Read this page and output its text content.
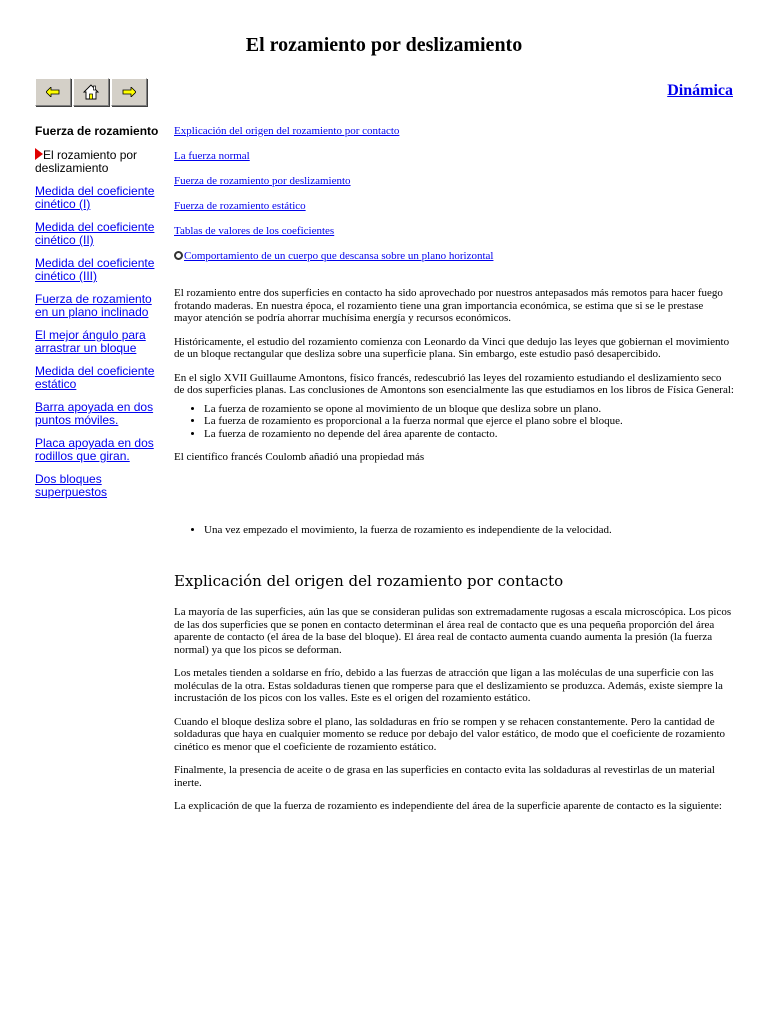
El rozamiento por deslizamiento
Dinámica
Fuerza de rozamiento
El rozamiento por deslizamiento
Medida del coeficiente cinético (I)
Medida del coeficiente cinético (II)
Medida del coeficiente cinético (III)
Fuerza de rozamiento en un plano inclinado
El mejor ángulo para arrastrar un bloque
Medida del coeficiente estático
Barra apoyada en dos puntos móviles.
Placa apoyada en dos rodillos que giran.
Dos bloques superpuestos
Explicación del origen del rozamiento por contacto
La fuerza normal
Fuerza de rozamiento por deslizamiento
Fuerza de rozamiento estático
Tablas de valores de los coeficientes
Comportamiento de un cuerpo que descansa sobre un plano horizontal

El rozamiento entre dos superficies en contacto ha sido aprovechado por nuestros antepasados más remotos para hacer fuego frotando maderas. En nuestra época, el rozamiento tiene una gran importancia económica, se estima que si se le prestase mayor atención se podría ahorrar muchísima energía y recursos económicos.

Históricamente, el estudio del rozamiento comienza con Leonardo da Vinci que dedujo las leyes que gobiernan el movimiento de un bloque rectangular que desliza sobre una superficie plana. Sin embargo, este estudio pasó desapercibido.

En el siglo XVII Guillaume Amontons, físico francés, redescubrió las leyes del rozamiento estudiando el deslizamiento seco de dos superficies planas. Las conclusiones de Amontons son esencialmente las que estudiamos en los libros de Física General:

• La fuerza de rozamiento se opone al movimiento de un bloque que desliza sobre un plano.
• La fuerza de rozamiento es proporcional a la fuerza normal que ejerce el plano sobre el bloque.
• La fuerza de rozamiento no depende del área aparente de contacto.

El científico francés Coulomb añadió una propiedad más

• Una vez empezado el movimiento, la fuerza de rozamiento es independiente de la velocidad.
Explicación del origen del rozamiento por contacto

La mayoría de las superficies, aún las que se consideran pulidas son extremadamente rugosas a escala microscópica. Los picos de las dos superficies que se ponen en contacto determinan el área real de contacto que es una pequeña proporción del área aparente de contacto (el área de la base del bloque). El área real de contacto aumenta cuando aumenta la presión (la fuerza normal) ya que los picos se deforman.

Los metales tienden a soldarse en frío, debido a las fuerzas de atracción que ligan a las moléculas de una superficie con las moléculas de la otra. Estas soldaduras tienen que romperse para que el deslizamiento se produzca. Además, existe siempre la incrustación de los picos con los valles. Este es el origen del rozamiento estático.

Cuando el bloque desliza sobre el plano, las soldaduras en frío se rompen y se rehacen constantemente. Pero la cantidad de soldaduras que haya en cualquier momento se reduce por debajo del valor estático, de modo que el coeficiente de rozamiento cinético es menor que el coeficiente de rozamiento estático.

Finalmente, la presencia de aceite o de grasa en las superficies en contacto evita las soldaduras al revestirlas de un material inerte.

La explicación de que la fuerza de rozamiento es independiente del área de la superficie aparente de contacto es la siguiente:
